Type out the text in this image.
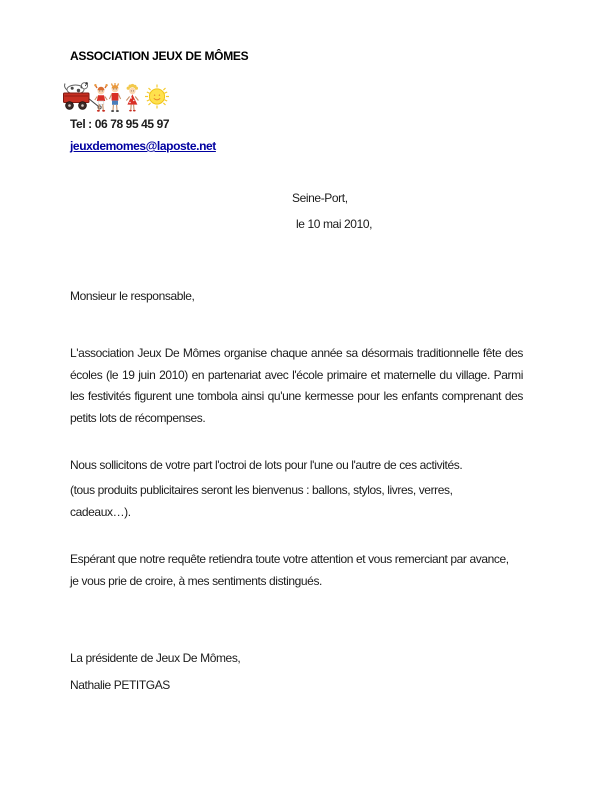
ASSOCIATION JEUX DE MÔMES
Tel : 06 78 95 45 97
jeuxdemomes@laposte.net
Seine-Port,
le 10 mai 2010,
Monsieur le responsable,
L'association Jeux De Mômes organise chaque année sa désormais traditionnelle fête des
écoles (le 19 juin 2010) en partenariat avec l'école primaire et maternelle du village. Parmi
les festivités figurent une tombola ainsi qu'une kermesse pour les enfants comprenant des
petits lots de récompenses.
Nous sollicitons de votre part l'octroi de lots pour l'une ou l'autre de ces activités.
(tous produits publicitaires seront les bienvenus : ballons, stylos, livres, verres,
cadeaux…).
Espérant que notre requête retiendra toute votre attention et vous remerciant par avance,
je vous prie de croire, à mes sentiments distingués.
La présidente de Jeux De Mômes,
Nathalie PETITGAS
